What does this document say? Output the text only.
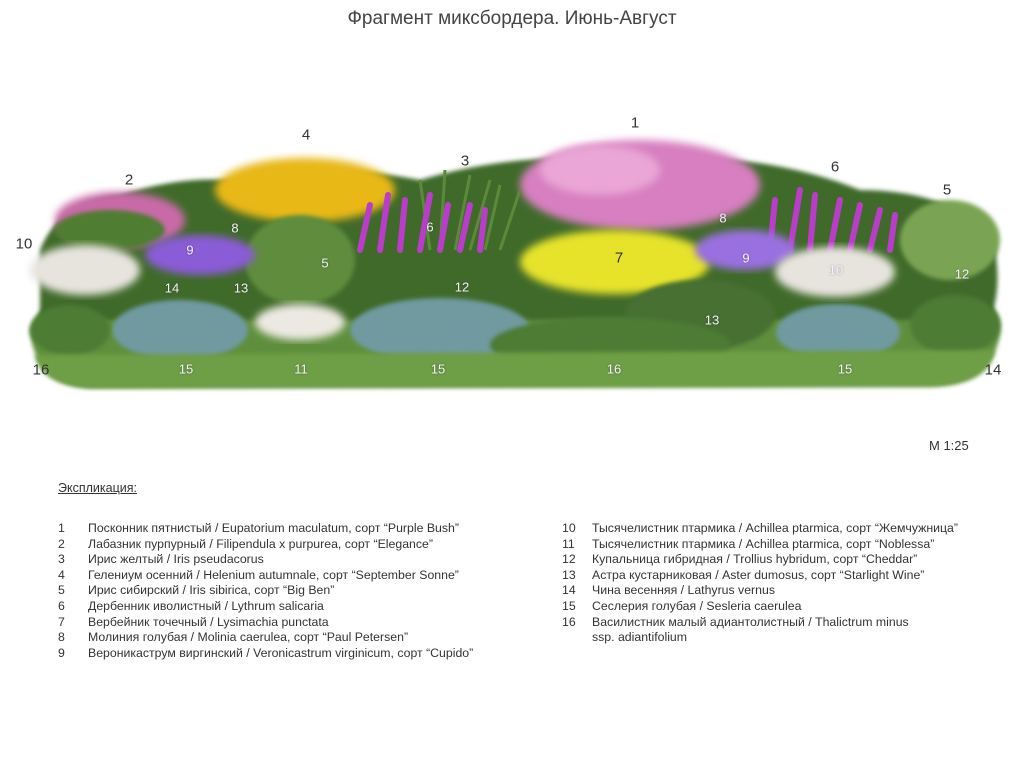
Фрагмент миксбордера. Июнь-Август
1
2
3
4
5
6
10
8	6
9
5	7
8
9
10	12
14	13	12
13
16	15	11	15	16	15	14
М 1:25
Экспликация:
1 Посконник пятнистый / Eupatorium maculatum, сорт “Purple Bush”
2 Лабазник пурпурный / Filipendula x purpurea, сорт “Elegance”
3 Ирис желтый / Iris pseudacorus
4 Гелениум осенний / Helenium autumnale, сорт “September Sonne”
5 Ирис сибирский / Iris sibirica, сорт “Big Ben”
6 Дербенник иволистный / Lythrum salicaria
7 Вербейник точечный / Lysimachia punctata
8 Молиния голубая / Molinia caerulea, сорт “Paul Petersen”
9 Вероникаструм виргинский / Veronicastrum virginicum, сорт “Cupido”
10 Тысячелистник птармика / Achillea ptarmica, сорт “Жемчужница”
11 Тысячелистник птармика / Achillea ptarmica, сорт “Noblessa”
12 Купальница гибридная / Trollius hybridum, сорт “Cheddar”
13 Астра кустарниковая / Aster dumosus, сорт “Starlight Wine”
14 Чина весенняя / Lathyrus vernus
15 Сеслерия голубая / Sesleria caerulea
16 Василистник малый адиантолистный / Thalictrum minus
ssp. adiantifolium
